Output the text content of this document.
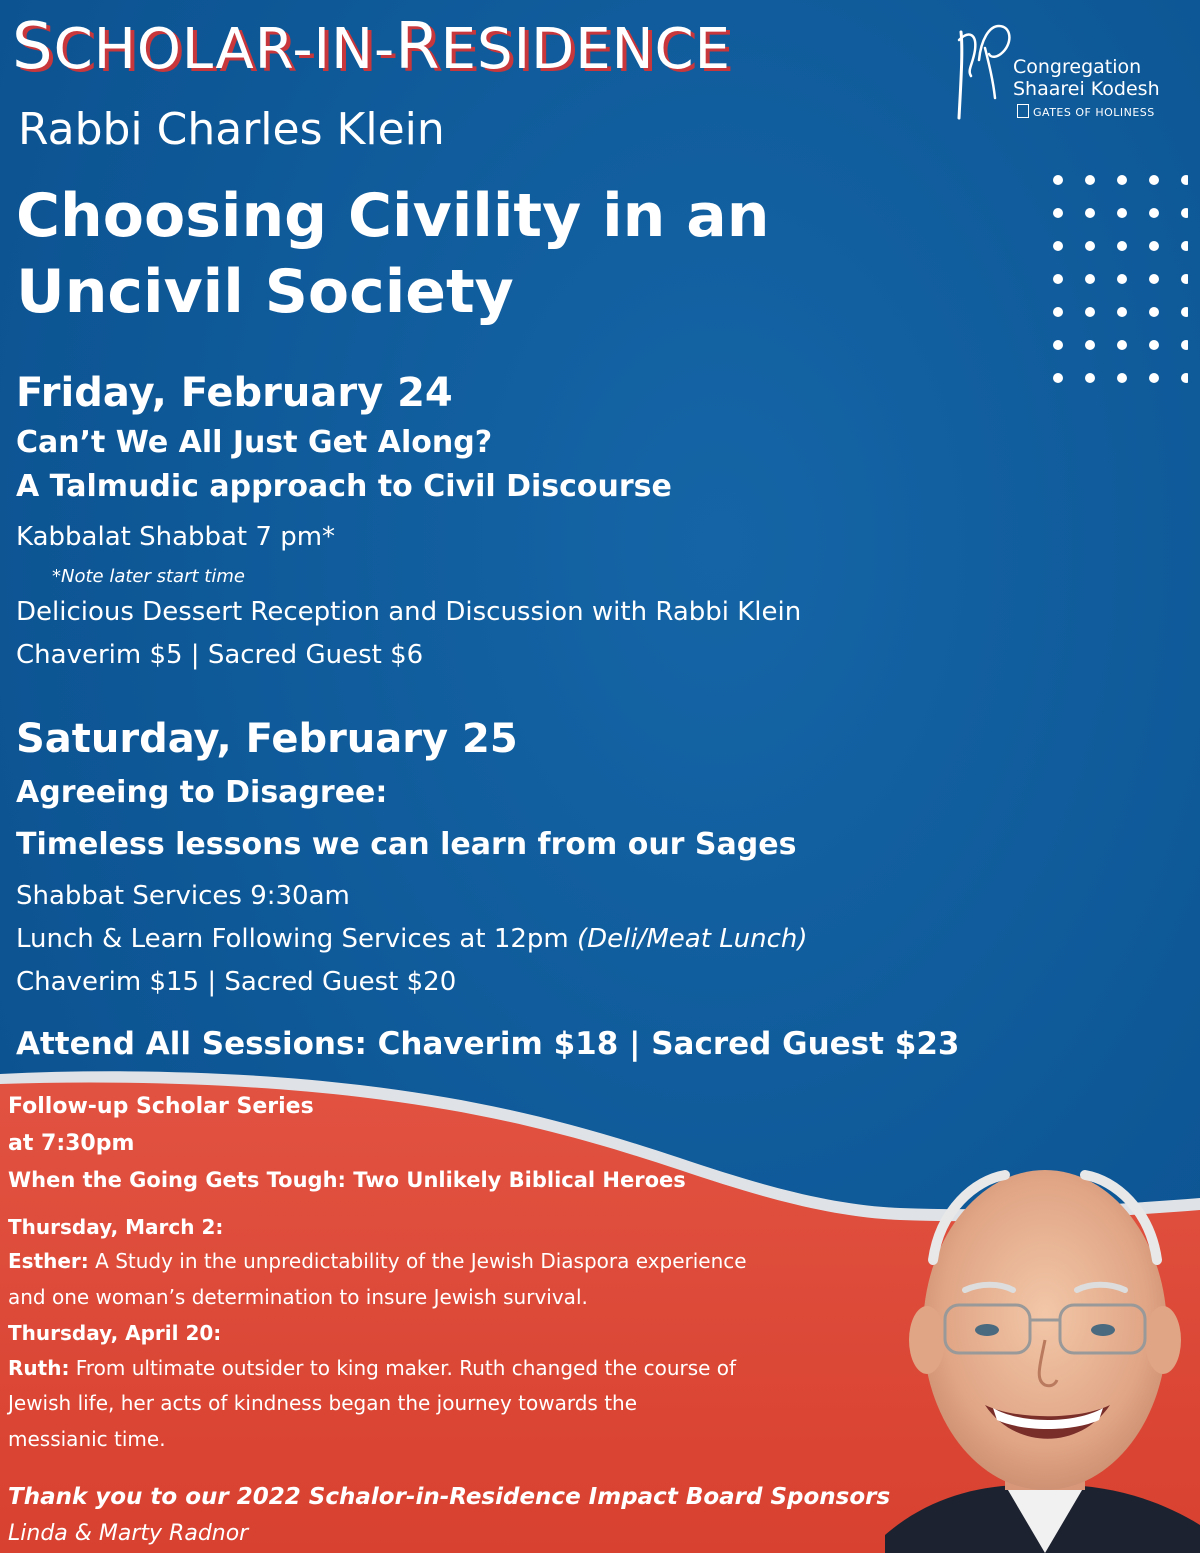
SCHOLAR-IN-RESIDENCE
Rabbi Charles Klein
Choosing Civility in an
Uncivil Society
Congregation
Shaarei Kodesh
GATES OF HOLINESS
Friday, February 24
Can’t We All Just Get Along?
A Talmudic approach to Civil Discourse
Kabbalat Shabbat 7 pm*
*Note later start time
Delicious Dessert Reception and Discussion with Rabbi Klein
Chaverim $5 | Sacred Guest $6
Saturday, February 25
Agreeing to Disagree:
Timeless lessons we can learn from our Sages
Shabbat Services 9:30am
Lunch & Learn Following Services at 12pm (Deli/Meat Lunch)
Chaverim $15 | Sacred Guest $20
Attend All Sessions: Chaverim $18 | Sacred Guest $23
Follow-up Scholar Series
at 7:30pm
When the Going Gets Tough: Two Unlikely Biblical Heroes
Thursday, March 2:
Esther: A Study in the unpredictability of the Jewish Diaspora experience
and one woman’s determination to insure Jewish survival.
Thursday, April 20:
Ruth: From ultimate outsider to king maker. Ruth changed the course of
Jewish life, her acts of kindness began the journey towards the
messianic time.
Thank you to our 2022 Schalor-in-Residence Impact Board Sponsors
Linda & Marty Radnor
